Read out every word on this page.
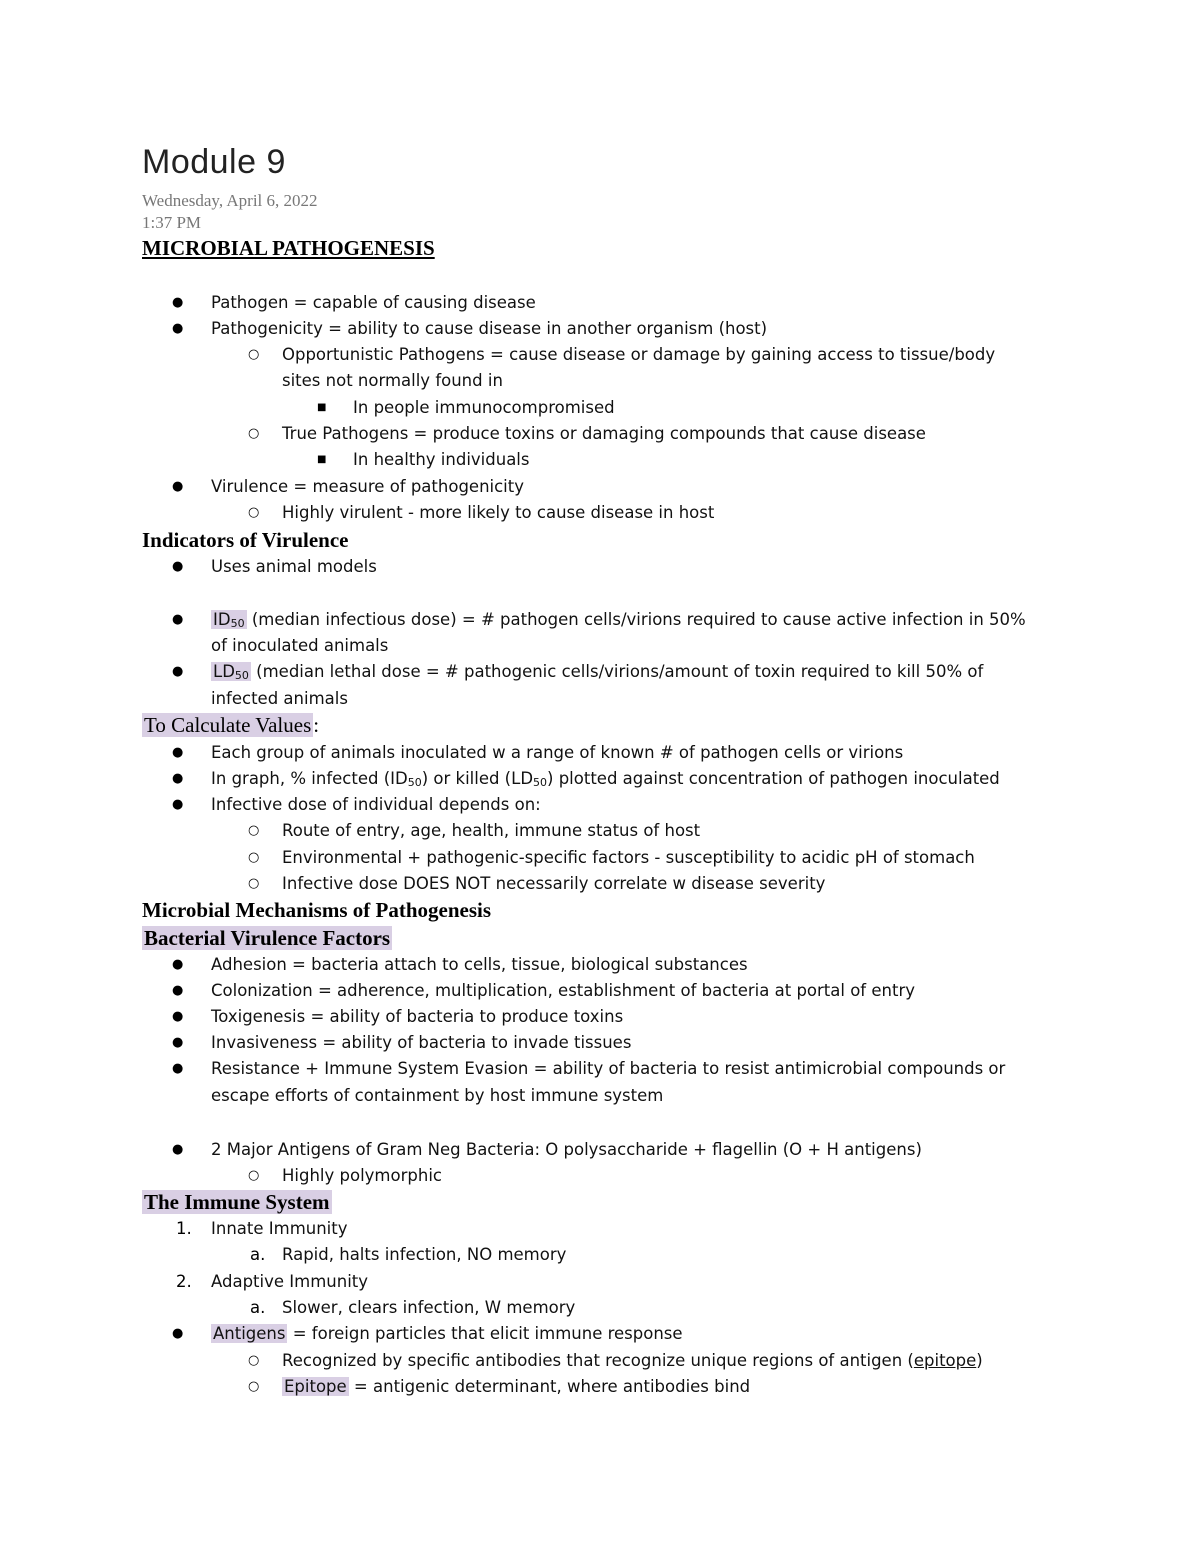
Module 9
Wednesday, April 6, 2022
1:37 PM
MICROBIAL PATHOGENESIS
● Pathogen = capable of causing disease
● Pathogenicity = ability to cause disease in another organism (host)
○ Opportunistic Pathogens = cause disease or damage by gaining access to tissue/body
sites not normally found in
■ In people immunocompromised
○ True Pathogens = produce toxins or damaging compounds that cause disease
■ In healthy individuals
● Virulence = measure of pathogenicity
○ Highly virulent - more likely to cause disease in host
Indicators of Virulence
● Uses animal models
● $ID_{50}$ (median infectious dose) = # pathogen cells/virions required to cause active infection in 50%
of inoculated animals
● $LD_{50}$ (median lethal dose = # pathogenic cells/virions/amount of toxin required to kill 50% of
infected animals
To Calculate Values:
● Each group of animals inoculated w a range of known # of pathogen cells or virions
● In graph, % infected $(ID_{50})$ or killed $(LD_{50})$ plotted against concentration of pathogen inoculated
● Infective dose of individual depends on:
○ Route of entry, age, health, immune status of host
○ Environmental + pathogenic-specific factors - susceptibility to acidic pH of stomach
○ Infective dose DOES NOT necessarily correlate w disease severity
Microbial Mechanisms of Pathogenesis
Bacterial Virulence Factors
● Adhesion = bacteria attach to cells, tissue, biological substances
● Colonization = adherence, multiplication, establishment of bacteria at portal of entry
● Toxigenesis = ability of bacteria to produce toxins
● Invasiveness = ability of bacteria to invade tissues
● Resistance + Immune System Evasion = ability of bacteria to resist antimicrobial compounds or
escape efforts of containment by host immune system
● 2 Major Antigens of Gram Neg Bacteria: O polysaccharide + flagellin (O + H antigens)
○ Highly polymorphic
The Immune System
1. Innate Immunity
a. Rapid, halts infection, NO memory
2. Adaptive Immunity
a. Slower, clears infection, W memory
● Antigens = foreign particles that elicit immune response
○ Recognized by specific antibodies that recognize unique regions of antigen (epitope)
○ Epitope = antigenic determinant, where antibodies bind
